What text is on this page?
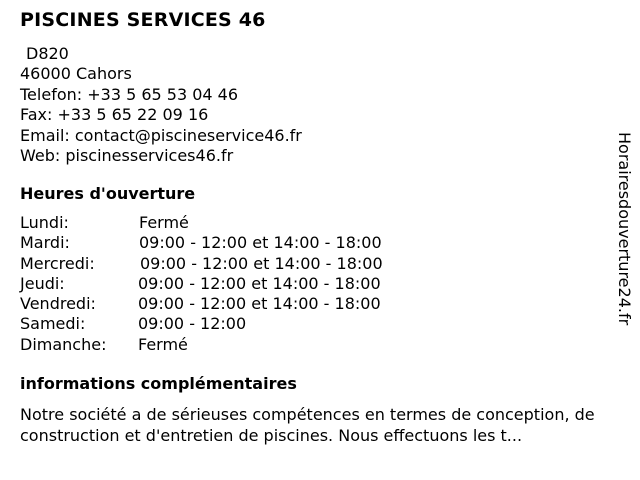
PISCINES SERVICES 46
D820
46000 Cahors
Telefon: +33 5 65 53 04 46
Fax: +33 5 65 22 09 16
Email: contact@piscineservice46.fr
Web: piscinesservices46.fr
Heures d'ouverture
Lundi:	Fermé
Mardi:	09:00 - 12:00 et 14:00 - 18:00
Mercredi:	09:00 - 12:00 et 14:00 - 18:00
Jeudi:	09:00 - 12:00 et 14:00 - 18:00
Vendredi:	09:00 - 12:00 et 14:00 - 18:00
Samedi:	09:00 - 12:00
Dimanche: Fermé
informations complémentaires
Notre société a de sérieuses compétences en termes de conception, de construction et d'entretien de piscines. Nous effectuons les t...
Horairesdouverture24.fr
